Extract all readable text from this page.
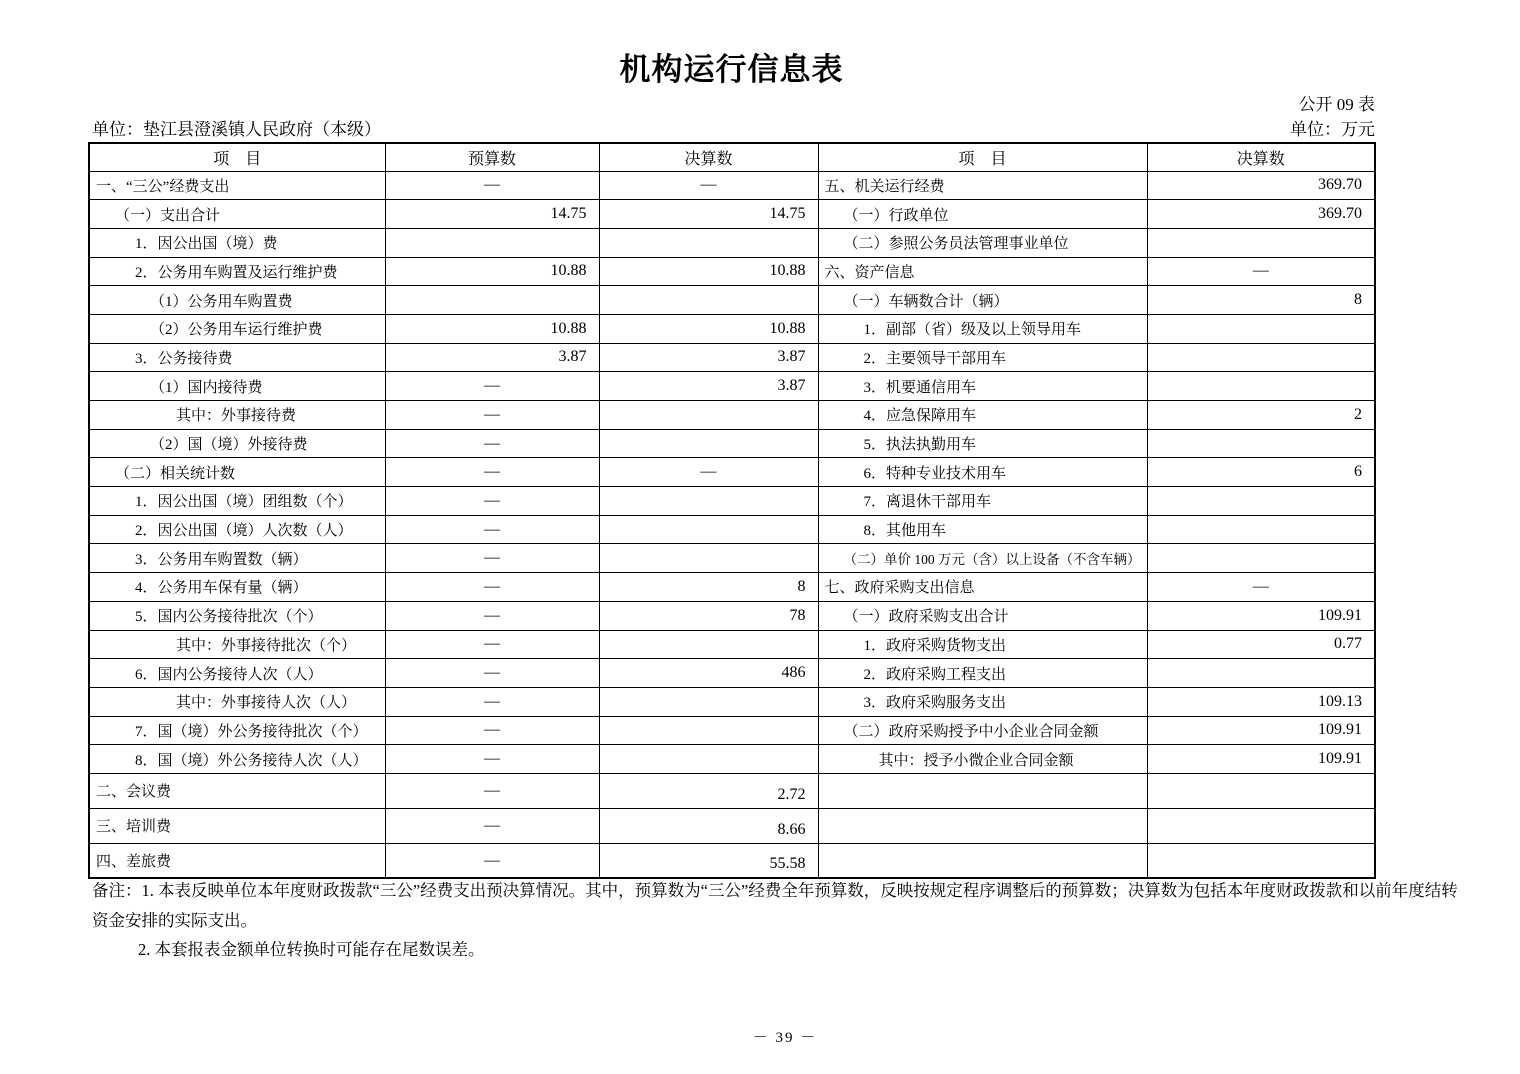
机构运行信息表
公开 09 表
单位：垫江县澄溪镇人民政府（本级）	单位：万元
项　目	预算数	决算数	项　目	决算数
一、“三公”经费支出	—	—	五、机关运行经费	369.70
（一）支出合计	14.75	14.75	（一）行政单位	369.70
1．因公出国（境）费			（二）参照公务员法管理事业单位	
2．公务用车购置及运行维护费	10.88	10.88	六、资产信息	—
（1）公务用车购置费			（一）车辆数合计（辆）	8
（2）公务用车运行维护费	10.88	10.88	1．副部（省）级及以上领导用车	
3．公务接待费	3.87	3.87	2．主要领导干部用车	
（1）国内接待费	—	3.87	3．机要通信用车	
其中：外事接待费	—		4．应急保障用车	2
（2）国（境）外接待费	—		5．执法执勤用车	
（二）相关统计数	—	—	6．特种专业技术用车	6
1．因公出国（境）团组数（个）	—		7．离退休干部用车	
2．因公出国（境）人次数（人）	—		8．其他用车	
3．公务用车购置数（辆）	—		（二）单价 100 万元（含）以上设备（不含车辆）	
4．公务用车保有量（辆）	—	8	七、政府采购支出信息	—
5．国内公务接待批次（个）	—	78	（一）政府采购支出合计	109.91
其中：外事接待批次（个）	—		1．政府采购货物支出	0.77
6．国内公务接待人次（人）	—	486	2．政府采购工程支出	
其中：外事接待人次（人）	—		3．政府采购服务支出	109.13
7．国（境）外公务接待批次（个）	—		（二）政府采购授予中小企业合同金额	109.91
8．国（境）外公务接待人次（人）	—		其中：授予小微企业合同金额	109.91
二、会议费	—	2.72		
三、培训费	—	8.66		
四、差旅费	—	55.58		
备注：1. 本表反映单位本年度财政拨款“三公”经费支出预决算情况。其中，预算数为“三公”经费全年预算数，反映按规定程序调整后的预算数；决算数为包括本年度财政拨款和以前年度结转
资金安排的实际支出。
2. 本套报表金额单位转换时可能存在尾数误差。
－ 39 －
